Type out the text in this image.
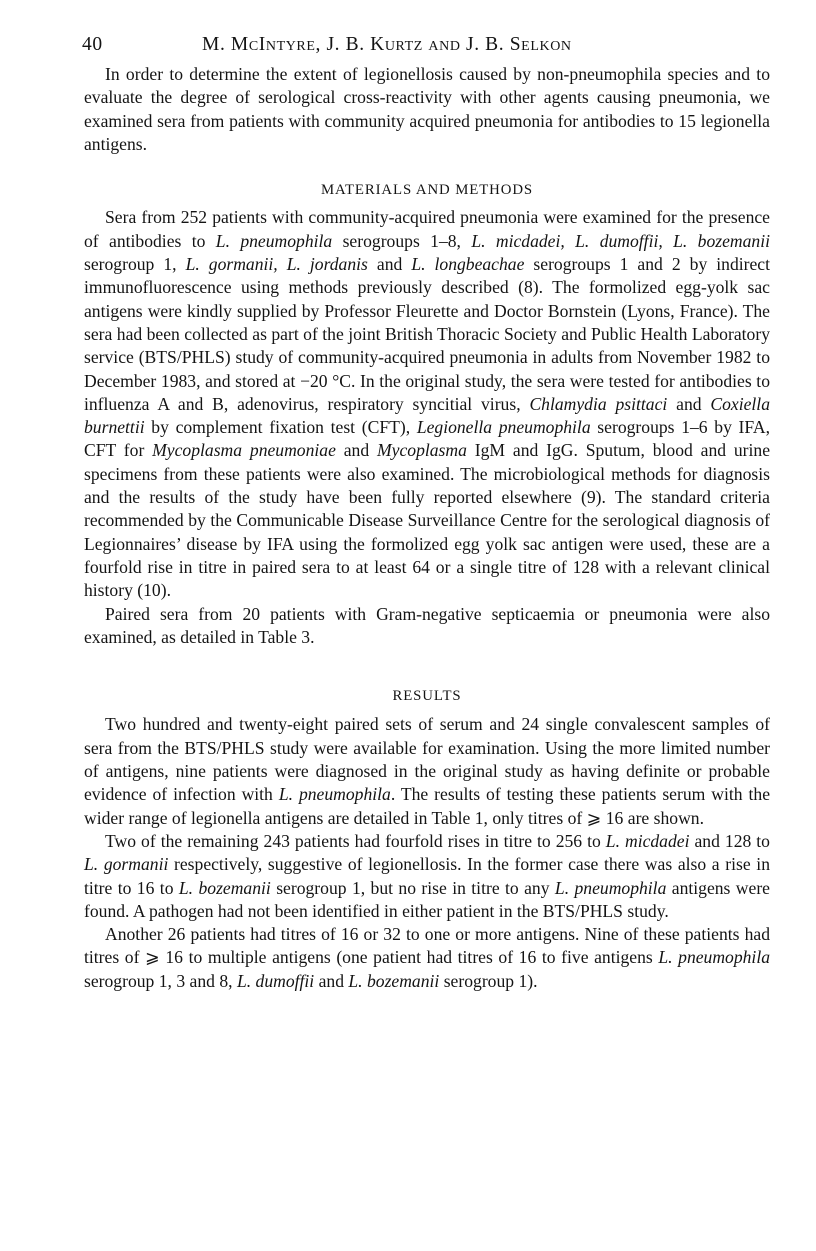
40	M. McIntyre, J. B. Kurtz and J. B. Selkon

In order to determine the extent of legionellosis caused by non-pneumophila species and to evaluate the degree of serological cross-reactivity with other agents causing pneumonia, we examined sera from patients with community acquired pneumonia for antibodies to 15 legionella antigens.

MATERIALS AND METHODS

Sera from 252 patients with community-acquired pneumonia were examined for the presence of antibodies to L. pneumophila serogroups 1–8, L. micdadei, L. dumoffii, L. bozemanii serogroup 1, L. gormanii, L. jordanis and L. longbeachae serogroups 1 and 2 by indirect immunofluorescence using methods previously described (8). The formolized egg-yolk sac antigens were kindly supplied by Professor Fleurette and Doctor Bornstein (Lyons, France). The sera had been collected as part of the joint British Thoracic Society and Public Health Laboratory service (BTS/PHLS) study of community-acquired pneumonia in adults from November 1982 to December 1983, and stored at −20 °C. In the original study, the sera were tested for antibodies to influenza A and B, adenovirus, respiratory syncitial virus, Chlamydia psittaci and Coxiella burnettii by complement fixation test (CFT), Legionella pneumophila serogroups 1–6 by IFA, CFT for Mycoplasma pneumoniae and Mycoplasma IgM and IgG. Sputum, blood and urine specimens from these patients were also examined. The microbiological methods for diagnosis and the results of the study have been fully reported elsewhere (9). The standard criteria recommended by the Communicable Disease Surveillance Centre for the serological diagnosis of Legionnaires’ disease by IFA using the formolized egg yolk sac antigen were used, these are a fourfold rise in titre in paired sera to at least 64 or a single titre of 128 with a relevant clinical history (10).

Paired sera from 20 patients with Gram-negative septicaemia or pneumonia were also examined, as detailed in Table 3.

RESULTS

Two hundred and twenty-eight paired sets of serum and 24 single convalescent samples of sera from the BTS/PHLS study were available for examination. Using the more limited number of antigens, nine patients were diagnosed in the original study as having definite or probable evidence of infection with L. pneumophila. The results of testing these patients serum with the wider range of legionella antigens are detailed in Table 1, only titres of ⩾ 16 are shown.

Two of the remaining 243 patients had fourfold rises in titre to 256 to L. micdadei and 128 to L. gormanii respectively, suggestive of legionellosis. In the former case there was also a rise in titre to 16 to L. bozemanii serogroup 1, but no rise in titre to any L. pneumophila antigens were found. A pathogen had not been identified in either patient in the BTS/PHLS study.

Another 26 patients had titres of 16 or 32 to one or more antigens. Nine of these patients had titres of ⩾ 16 to multiple antigens (one patient had titres of 16 to five antigens L. pneumophila serogroup 1, 3 and 8, L. dumoffii and L. bozemanii serogroup 1).
